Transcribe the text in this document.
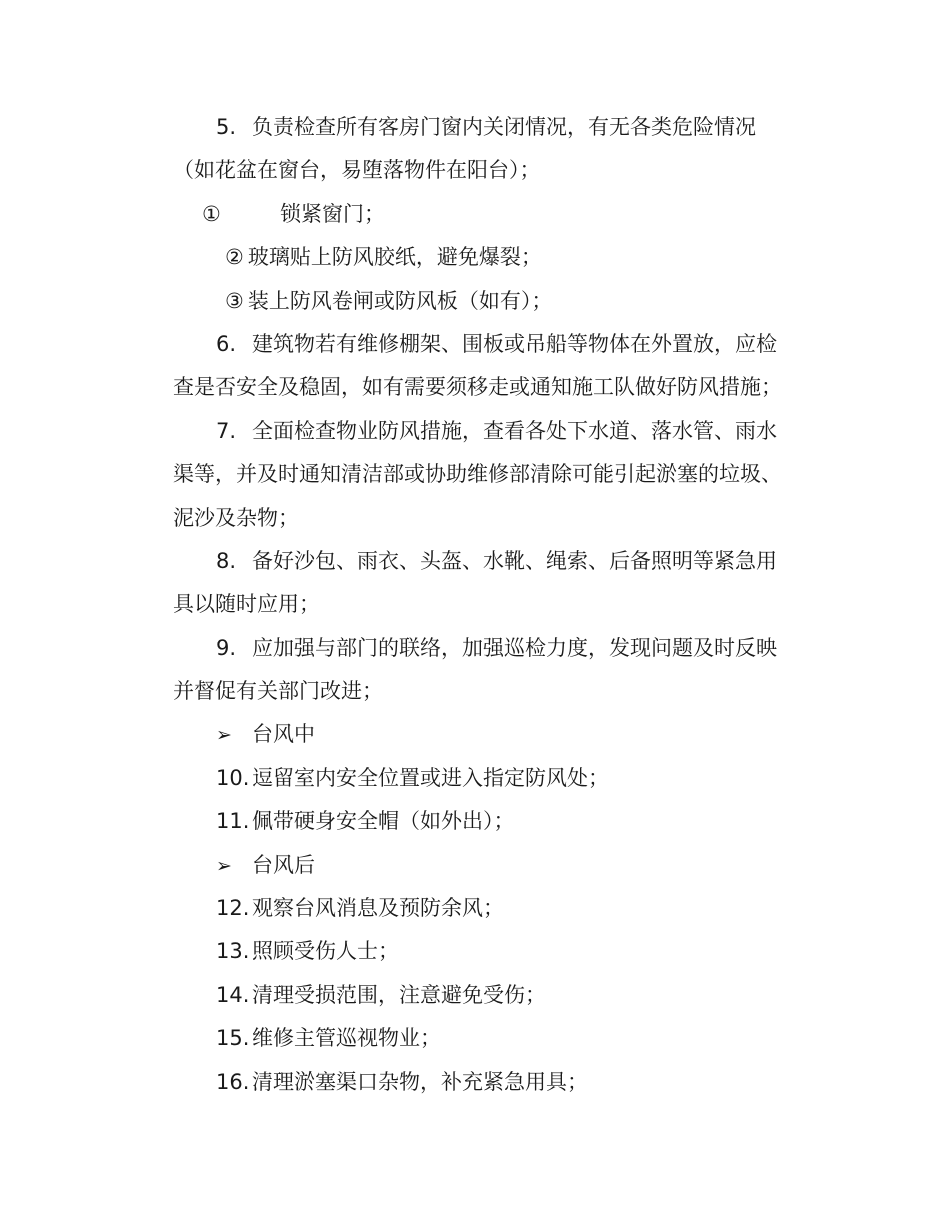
5. 负责检查所有客房门窗内关闭情况，有无各类危险情况
（如花盆在窗台，易堕落物件在阳台）；
①	锁紧窗门；
② 玻璃贴上防风胶纸，避免爆裂；
③ 装上防风卷闸或防风板（如有）；
6. 建筑物若有维修棚架、围板或吊船等物体在外置放，应检
查是否安全及稳固，如有需要须移走或通知施工队做好防风措施；
7. 全面检查物业防风措施，查看各处下水道、落水管、雨水
渠等，并及时通知清洁部或协助维修部清除可能引起淤塞的垃圾、
泥沙及杂物；
8. 备好沙包、雨衣、头盔、水靴、绳索、后备照明等紧急用
具以随时应用；
9. 应加强与部门的联络，加强巡检力度，发现问题及时反映
并督促有关部门改进；
➢ 台风中
10. 逗留室内安全位置或进入指定防风处；
11. 佩带硬身安全帽（如外出）；
➢ 台风后
12. 观察台风消息及预防余风；
13. 照顾受伤人士；
14. 清理受损范围，注意避免受伤；
15. 维修主管巡视物业；
16. 清理淤塞渠口杂物，补充紧急用具；
